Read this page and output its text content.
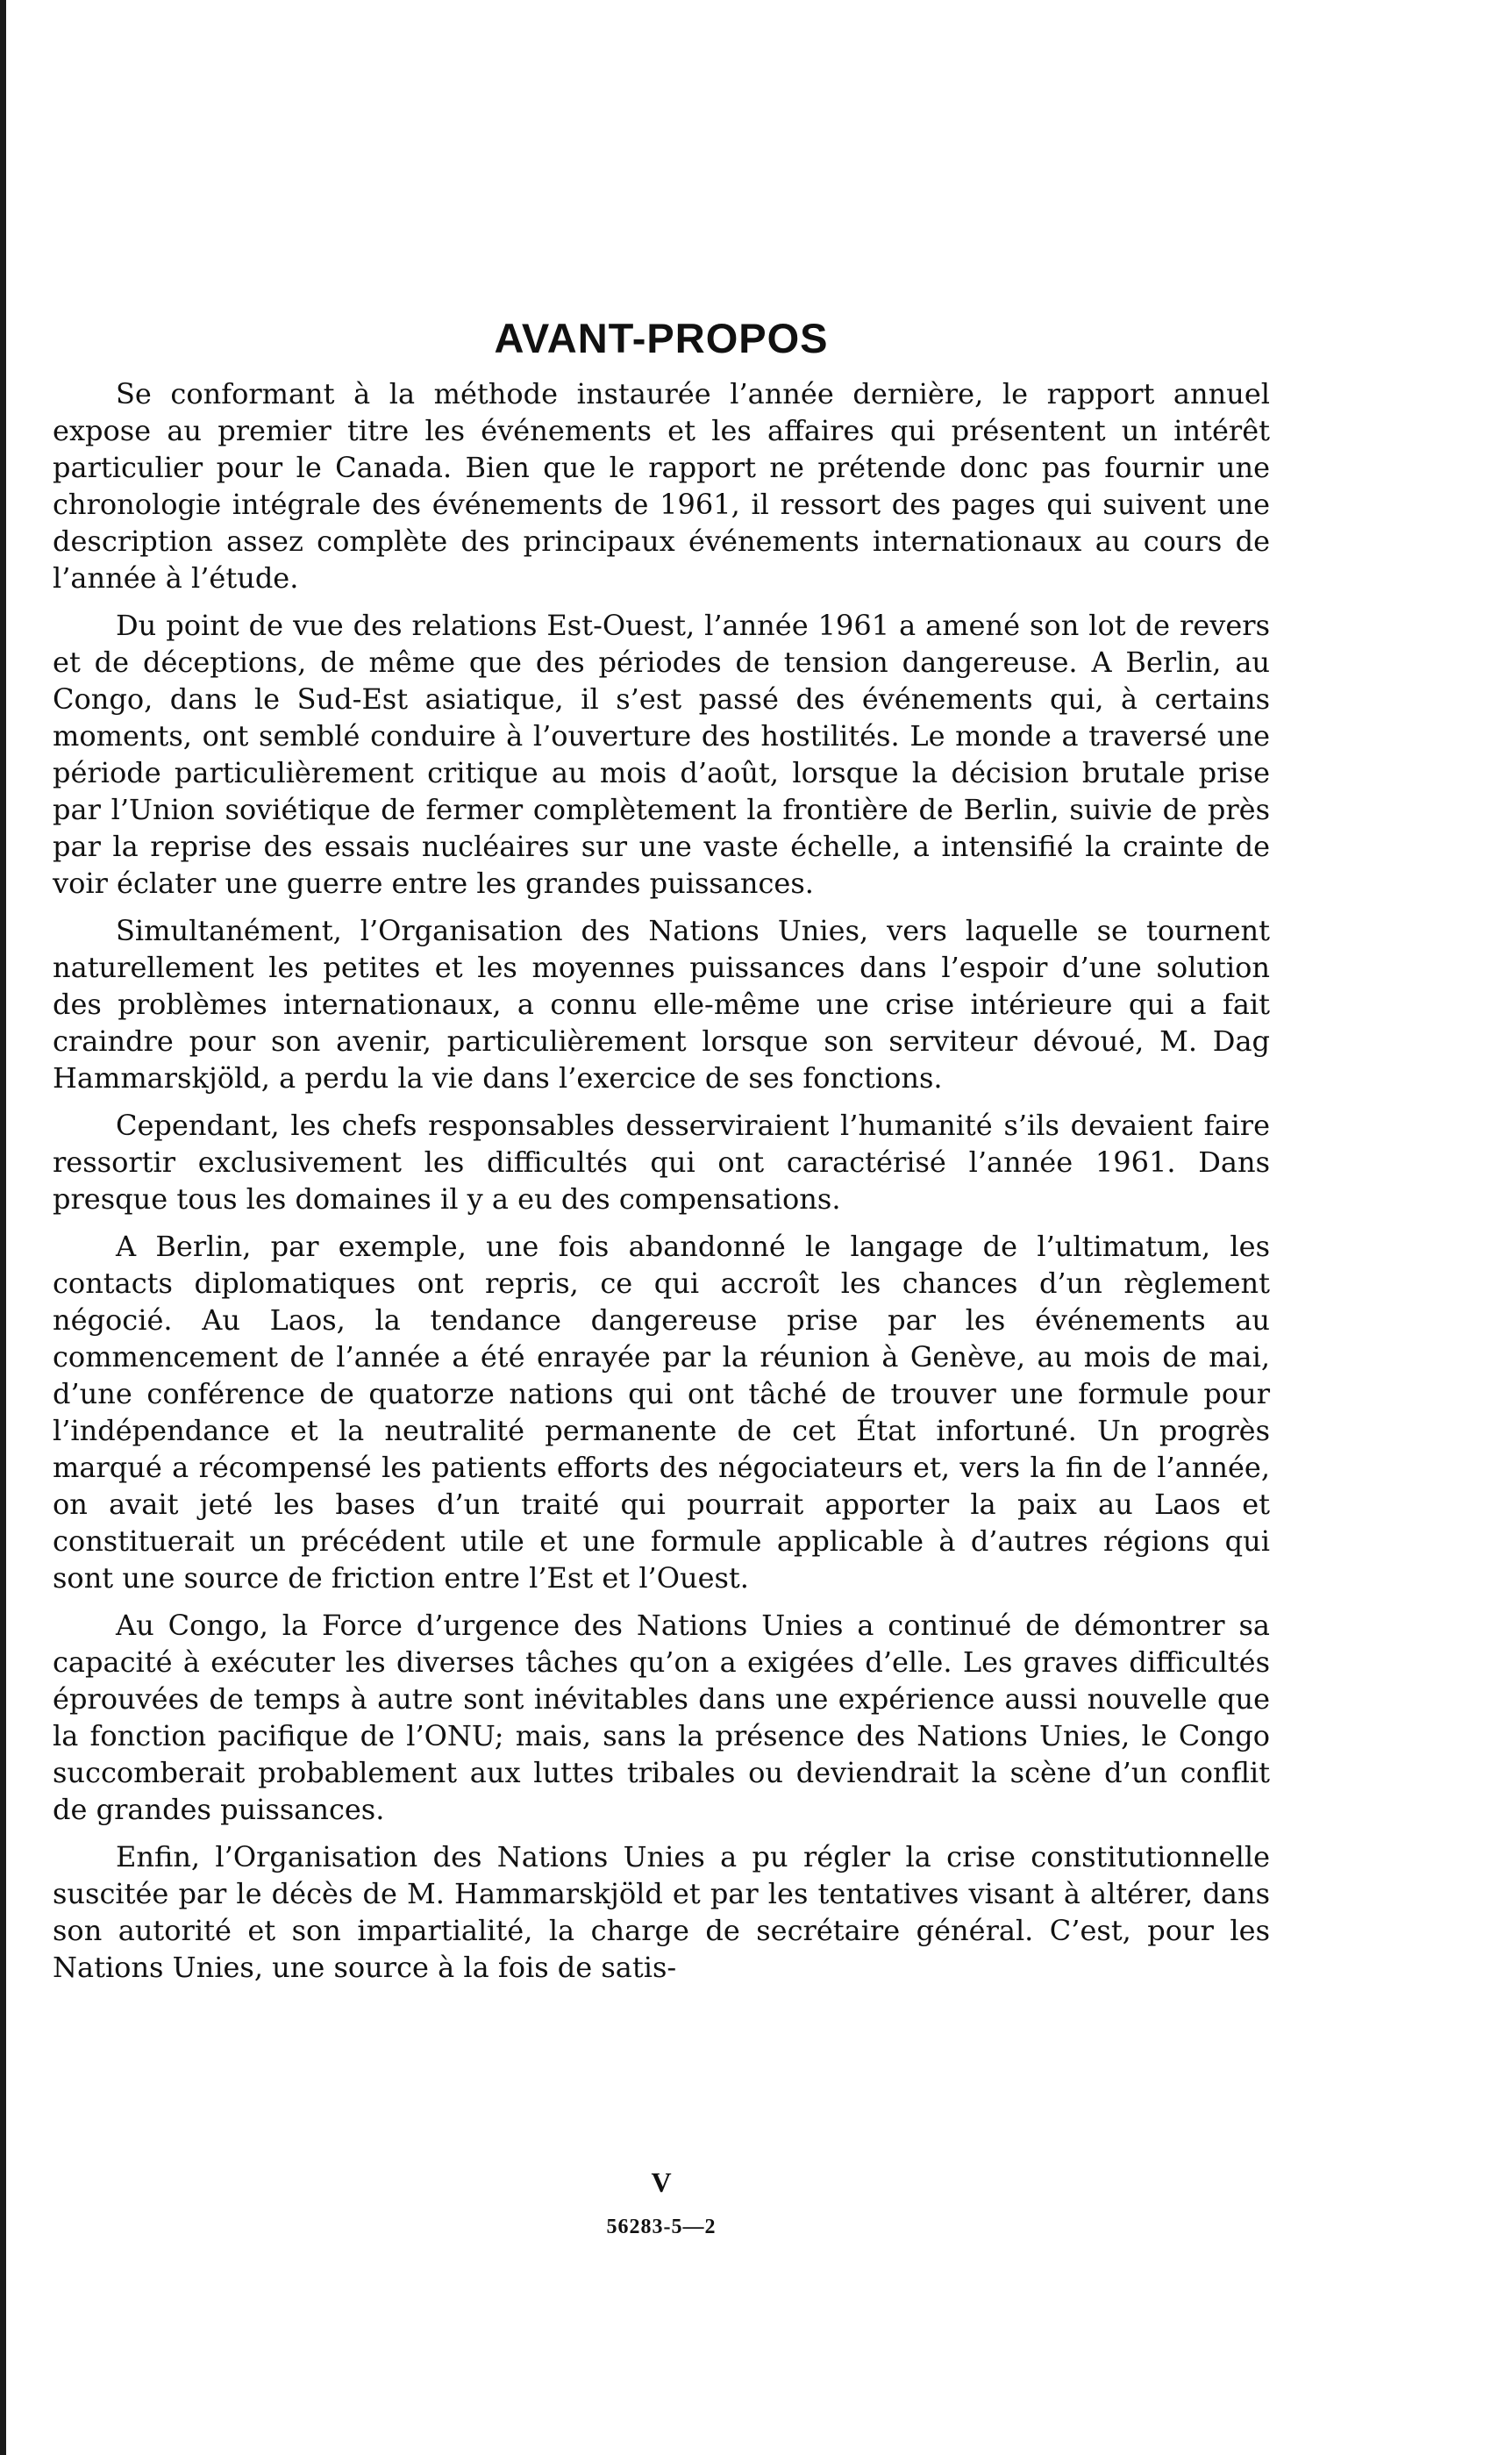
AVANT-PROPOS

Se conformant à la méthode instaurée l’année dernière, le rapport annuel expose au premier titre les événements et les affaires qui présentent un intérêt particulier pour le Canada. Bien que le rapport ne prétende donc pas fournir une chronologie intégrale des événements de 1961, il ressort des pages qui suivent une description assez complète des principaux événements internationaux au cours de l’année à l’étude.

Du point de vue des relations Est-Ouest, l’année 1961 a amené son lot de revers et de déceptions, de même que des périodes de tension dangereuse. A Berlin, au Congo, dans le Sud-Est asiatique, il s’est passé des événements qui, à certains moments, ont semblé conduire à l’ouverture des hostilités. Le monde a traversé une période particulièrement critique au mois d’août, lorsque la décision brutale prise par l’Union soviétique de fermer complètement la frontière de Berlin, suivie de près par la reprise des essais nucléaires sur une vaste échelle, a intensifié la crainte de voir éclater une guerre entre les grandes puissances.

Simultanément, l’Organisation des Nations Unies, vers laquelle se tournent naturellement les petites et les moyennes puissances dans l’espoir d’une solution des problèmes internationaux, a connu elle-même une crise intérieure qui a fait craindre pour son avenir, particulièrement lorsque son serviteur dévoué, M. Dag Hammarskjöld, a perdu la vie dans l’exercice de ses fonctions.

Cependant, les chefs responsables desserviraient l’humanité s’ils devaient faire ressortir exclusivement les difficultés qui ont caractérisé l’année 1961. Dans presque tous les domaines il y a eu des compensations.

A Berlin, par exemple, une fois abandonné le langage de l’ultimatum, les contacts diplomatiques ont repris, ce qui accroît les chances d’un règlement négocié. Au Laos, la tendance dangereuse prise par les événements au commencement de l’année a été enrayée par la réunion à Genève, au mois de mai, d’une conférence de quatorze nations qui ont tâché de trouver une formule pour l’indépendance et la neutralité permanente de cet État infortuné. Un progrès marqué a récompensé les patients efforts des négociateurs et, vers la fin de l’année, on avait jeté les bases d’un traité qui pourrait apporter la paix au Laos et constituerait un précédent utile et une formule applicable à d’autres régions qui sont une source de friction entre l’Est et l’Ouest.

Au Congo, la Force d’urgence des Nations Unies a continué de démontrer sa capacité à exécuter les diverses tâches qu’on a exigées d’elle. Les graves difficultés éprouvées de temps à autre sont inévitables dans une expérience aussi nouvelle que la fonction pacifique de l’ONU; mais, sans la présence des Nations Unies, le Congo succomberait probablement aux luttes tribales ou deviendrait la scène d’un conflit de grandes puissances.

Enfin, l’Organisation des Nations Unies a pu régler la crise constitutionnelle suscitée par le décès de M. Hammarskjöld et par les tentatives visant à altérer, dans son autorité et son impartialité, la charge de secrétaire général. C’est, pour les Nations Unies, une source à la fois de satis-

V
56283-5—2
